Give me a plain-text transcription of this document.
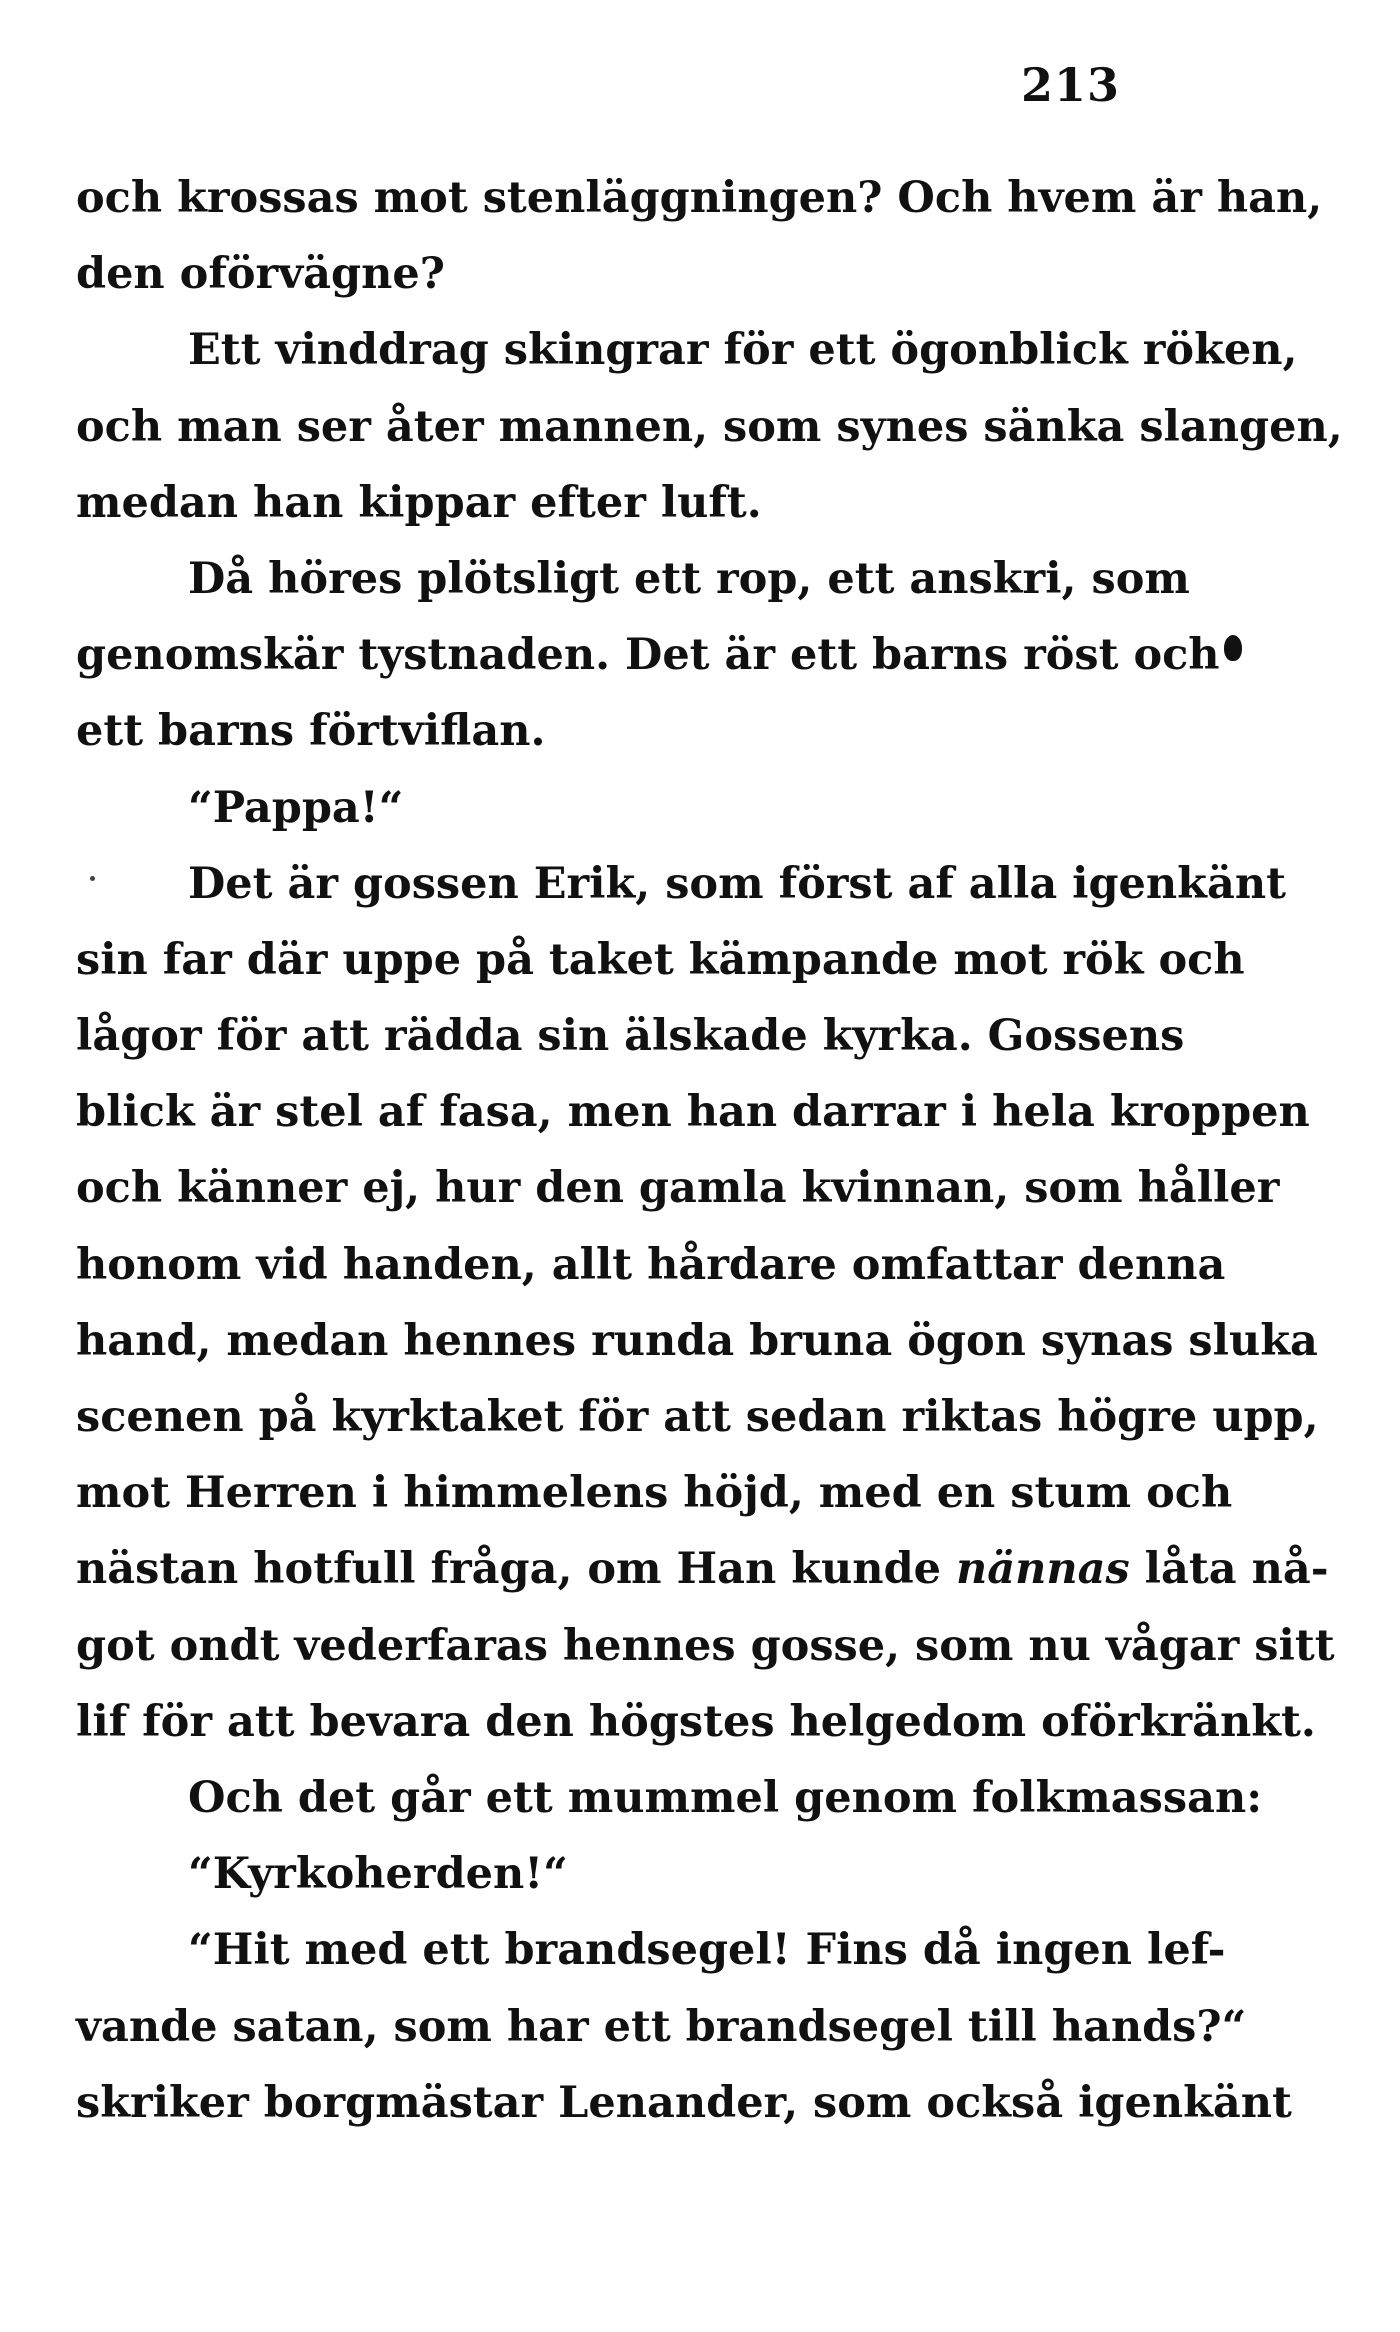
213
och krossas mot stenläggningen? Och hvem är han,
den oförvägne?
Ett vinddrag skingrar för ett ögonblick röken,
och man ser åter mannen, som synes sänka slangen,
medan han kippar efter luft.
Då höres plötsligt ett rop, ett anskri, som
genomskär tystnaden. Det är ett barns röst och
ett barns förtviflan.
“Pappa!“
Det är gossen Erik, som först af alla igenkänt
sin far där uppe på taket kämpande mot rök och
lågor för att rädda sin älskade kyrka. Gossens
blick är stel af fasa, men han darrar i hela kroppen
och känner ej, hur den gamla kvinnan, som håller
honom vid handen, allt hårdare omfattar denna
hand, medan hennes runda bruna ögon synas sluka
scenen på kyrktaket för att sedan riktas högre upp,
mot Herren i himmelens höjd, med en stum och
nästan hotfull fråga, om Han kunde nännas låta nå-
got ondt vederfaras hennes gosse, som nu vågar sitt
lif för att bevara den högstes helgedom oförkränkt.
Och det går ett mummel genom folkmassan:
“Kyrkoherden!“
“Hit med ett brandsegel! Fins då ingen lef-
vande satan, som har ett brandsegel till hands?“
skriker borgmästar Lenander, som också igenkänt
